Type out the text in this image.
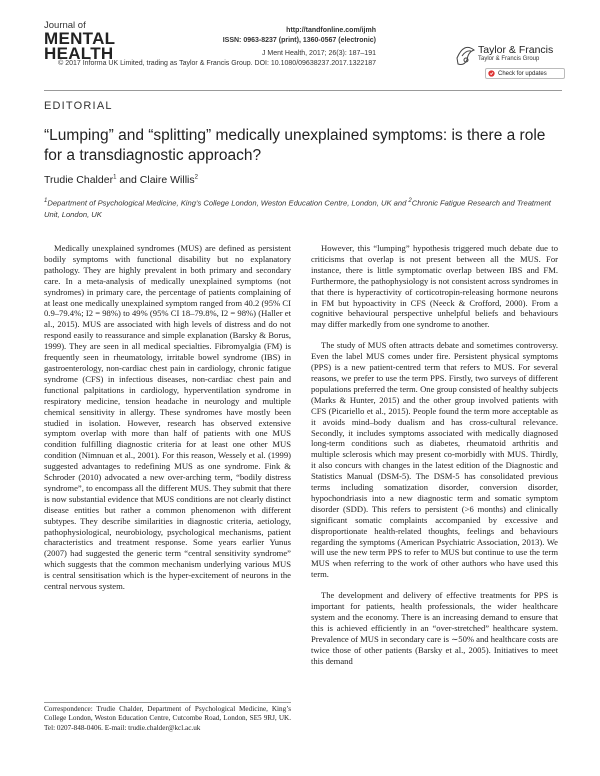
Journal of
MENTAL
HEALTH
http://tandfonline.com/ijmh
ISSN: 0963-8237 (print), 1360-0567 (electronic)
J Ment Health, 2017; 26(3): 187–191
© 2017 Informa UK Limited, trading as Taylor & Francis Group. DOI: 10.1080/09638237.2017.1322187
Taylor & Francis
Taylor & Francis Group
Check for updates
EDITORIAL
“Lumping” and “splitting” medically unexplained symptoms: is there a role for a transdiagnostic approach?
Trudie Chalder$^1$ and Claire Willis$^2$
$^1$Department of Psychological Medicine, King’s College London, Weston Education Centre, London, UK and $^2$Chronic Fatigue Research and Treatment Unit, London, UK

Medically unexplained syndromes (MUS) are defined as persistent bodily symptoms with functional disability but no explanatory pathology. They are highly prevalent in both primary and secondary care. In a meta-analysis of medically unexplained symptoms (not syndromes) in primary care, the percentage of patients complaining of at least one medically unexplained symptom ranged from 40.2 (95% CI 0.9–79.4%; I2 = 98%) to 49% (95% CI 18–79.8%, I2 = 98%) (Haller et al., 2015). MUS are associated with high levels of distress and do not respond easily to reassurance and simple explanation (Barsky & Borus, 1999). They are seen in all medical specialties. Fibromyalgia (FM) is frequently seen in rheumatology, irritable bowel syndrome (IBS) in gastroenterology, non-cardiac chest pain in cardiology, chronic fatigue syndrome (CFS) in infectious diseases, non-cardiac chest pain and functional palpitations in cardiology, hyperventilation syndrome in respiratory medicine, tension headache in neurology and multiple chemical sensitivity in allergy. These syndromes have mostly been studied in isolation. However, research has observed extensive symptom overlap with more than half of patients with one MUS condition fulfilling diagnostic criteria for at least one other MUS condition (Nimnuan et al., 2001). For this reason, Wessely et al. (1999) suggested advantages to redefining MUS as one syndrome. Fink & Schroder (2010) advocated a new over-arching term, “bodily distress syndrome”, to encompass all the different MUS. They submit that there is now substantial evidence that MUS conditions are not clearly distinct disease entities but rather a common phenomenon with different subtypes. They describe similarities in diagnostic criteria, aetiology, pathophysiological, neurobiology, psychological mechanisms, patient characteristics and treatment response. Some years earlier Yunus (2007) had suggested the generic term “central sensitivity syndrome” which suggests that the common mechanism underlying various MUS is central sensitisation which is the hyper-excitement of neurons in the central nervous system.

However, this “lumping” hypothesis triggered much debate due to criticisms that overlap is not present between all the MUS. For instance, there is little symptomatic overlap between IBS and FM. Furthermore, the pathophysiology is not consistent across syndromes in that there is hyperactivity of corticotropin-releasing hormone neurons in FM but hypoactivity in CFS (Neeck & Crofford, 2000). From a cognitive behavioural perspective unhelpful beliefs and behaviours may differ markedly from one syndrome to another.

The study of MUS often attracts debate and sometimes controversy. Even the label MUS comes under fire. Persistent physical symptoms (PPS) is a new patient-centred term that refers to MUS. For several reasons, we prefer to use the term PPS. Firstly, two surveys of different populations preferred the term. One group consisted of healthy subjects (Marks & Hunter, 2015) and the other group involved patients with CFS (Picariello et al., 2015). People found the term more acceptable as it avoids mind–body dualism and has cross-cultural relevance. Secondly, it includes symptoms associated with medically diagnosed long-term conditions such as diabetes, rheumatoid arthritis and multiple sclerosis which may present co-morbidly with MUS. Thirdly, it also concurs with changes in the latest edition of the Diagnostic and Statistics Manual (DSM-5). The DSM-5 has consolidated previous terms including somatization disorder, conversion disorder, hypochondriasis into a new diagnostic term and somatic symptom disorder (SDD). This refers to persistent (>6 months) and clinically significant somatic complaints accompanied by excessive and disproportionate health-related thoughts, feelings and behaviours regarding the symptoms (American Psychiatric Association, 2013). We will use the new term PPS to refer to MUS but continue to use the term MUS when referring to the work of other authors who have used this term.

The development and delivery of effective treatments for PPS is important for patients, health professionals, the wider healthcare system and the economy. There is an increasing demand to ensure that this is achieved efficiently in an “over-stretched” healthcare system. Prevalence of MUS in secondary care is ∼50% and healthcare costs are twice those of other patients (Barsky et al., 2005). Initiatives to meet this demand

Correspondence: Trudie Chalder, Department of Psychological Medicine, King’s College London, Weston Education Centre, Cutcombe Road, London, SE5 9RJ, UK. Tel: 0207-848-0406. E-mail: trudie.chalder@kcl.ac.uk
